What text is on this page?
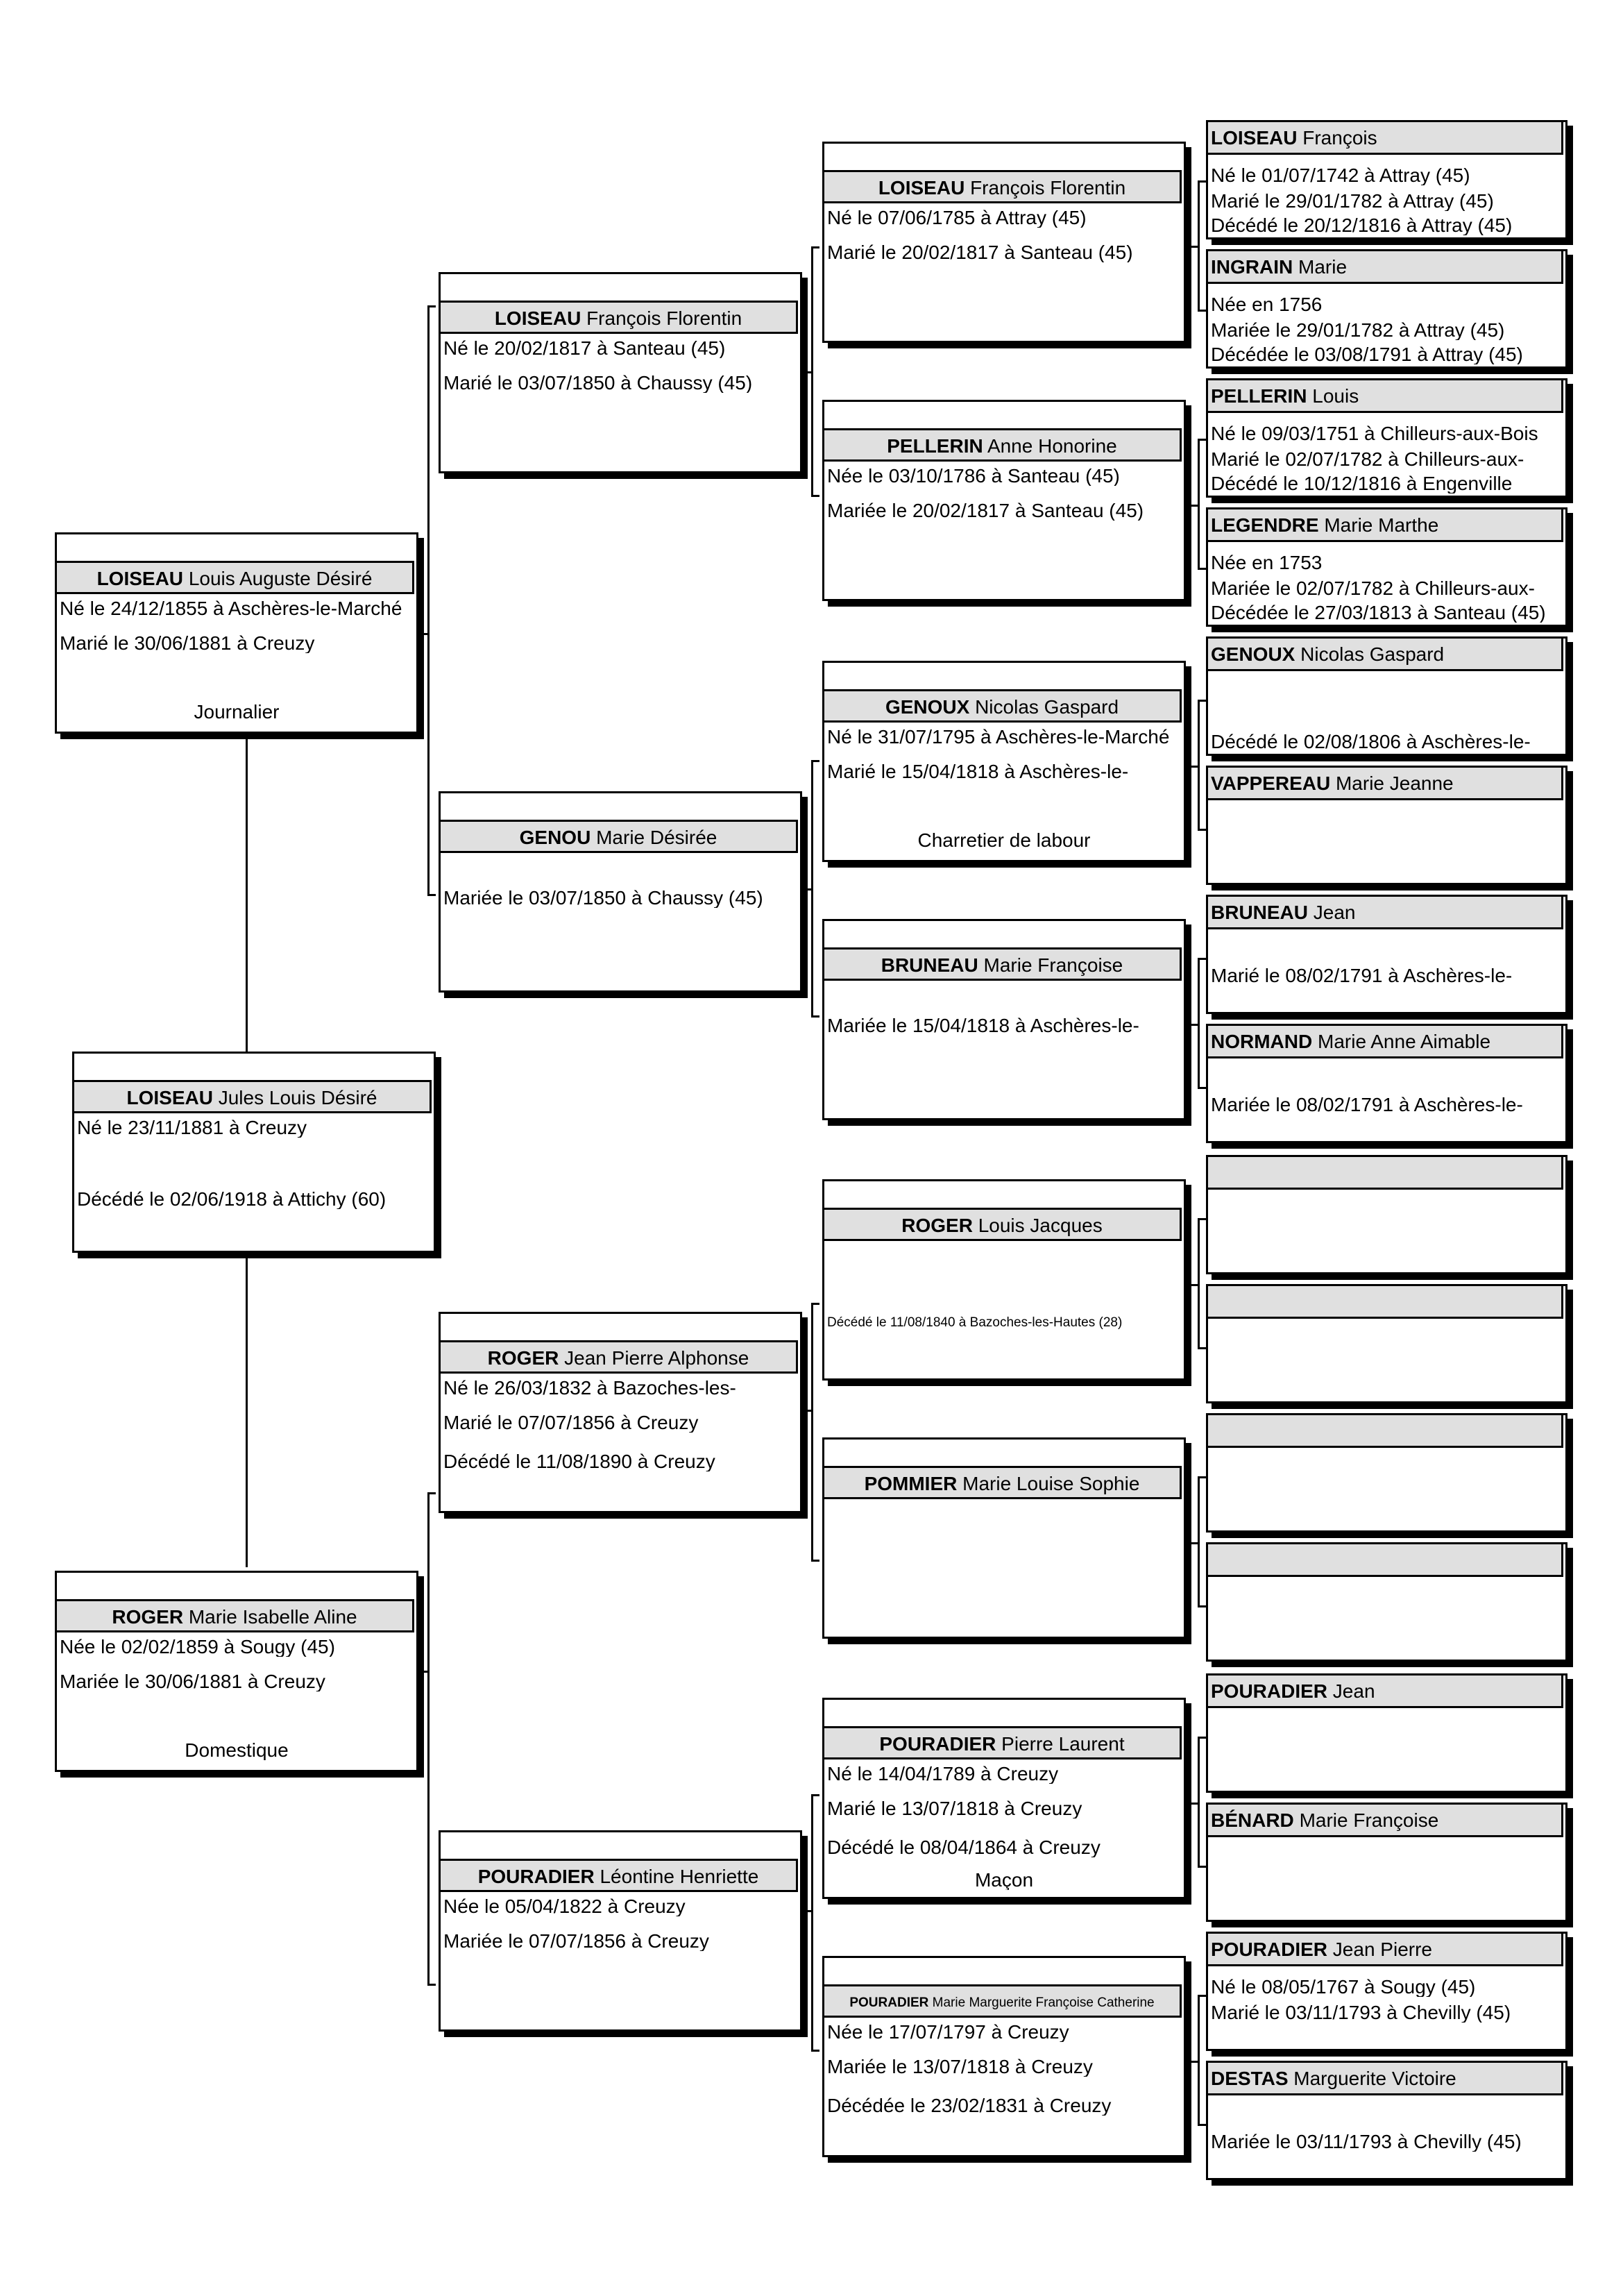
LOISEAU Jules Louis Désiré
Né le 23/11/1881 à Creuzy
Décédé le 02/06/1918 à Attichy (60)
LOISEAU Louis Auguste Désiré
Né le 24/12/1855 à Aschères-le-Marché
Marié le 30/06/1881 à Creuzy
Journalier
ROGER Marie Isabelle Aline
Née le 02/02/1859 à Sougy (45)
Mariée le 30/06/1881 à Creuzy
Domestique
LOISEAU François Florentin
Né le 20/02/1817 à Santeau (45)
Marié le 03/07/1850 à Chaussy (45)
GENOU Marie Désirée
Mariée le 03/07/1850 à Chaussy (45)
ROGER Jean Pierre Alphonse
Né le 26/03/1832 à Bazoches-les-
Marié le 07/07/1856 à Creuzy
Décédé le 11/08/1890 à Creuzy
POURADIER Léontine Henriette
Née le 05/04/1822 à Creuzy
Mariée le 07/07/1856 à Creuzy
LOISEAU François Florentin
Né le 07/06/1785 à Attray (45)
Marié le 20/02/1817 à Santeau (45)
PELLERIN Anne Honorine
Née le 03/10/1786 à Santeau (45)
Mariée le 20/02/1817 à Santeau (45)
GENOUX Nicolas Gaspard
Né le 31/07/1795 à Aschères-le-Marché
Marié le 15/04/1818 à Aschères-le-
Charretier de labour
BRUNEAU Marie Françoise
Mariée le 15/04/1818 à Aschères-le-
ROGER Louis Jacques
Décédé le 11/08/1840 à Bazoches-les-Hautes (28)
POMMIER Marie Louise Sophie
POURADIER Pierre Laurent
Né le 14/04/1789 à Creuzy
Marié le 13/07/1818 à Creuzy
Décédé le 08/04/1864 à Creuzy
Maçon
POURADIER Marie Marguerite Françoise Catherine
Née le 17/07/1797 à Creuzy
Mariée le 13/07/1818 à Creuzy
Décédée le 23/02/1831 à Creuzy
LOISEAU François
Né le 01/07/1742 à Attray (45)
Marié le 29/01/1782 à Attray (45)
Décédé le 20/12/1816 à Attray (45)
INGRAIN Marie
Née en 1756
Mariée le 29/01/1782 à Attray (45)
Décédée le 03/08/1791 à Attray (45)
PELLERIN Louis
Né le 09/03/1751 à Chilleurs-aux-Bois
Marié le 02/07/1782 à Chilleurs-aux-
Décédé le 10/12/1816 à Engenville
LEGENDRE Marie Marthe
Née en 1753
Mariée le 02/07/1782 à Chilleurs-aux-
Décédée le 27/03/1813 à Santeau (45)
GENOUX Nicolas Gaspard
Décédé le 02/08/1806 à Aschères-le-
VAPPEREAU Marie Jeanne
BRUNEAU Jean
Marié le 08/02/1791 à Aschères-le-
NORMAND Marie Anne Aimable
Mariée le 08/02/1791 à Aschères-le-
POURADIER Jean
BÉNARD Marie Françoise
POURADIER Jean Pierre
Né le 08/05/1767 à Sougy (45)
Marié le 03/11/1793 à Chevilly (45)
DESTAS Marguerite Victoire
Mariée le 03/11/1793 à Chevilly (45)
